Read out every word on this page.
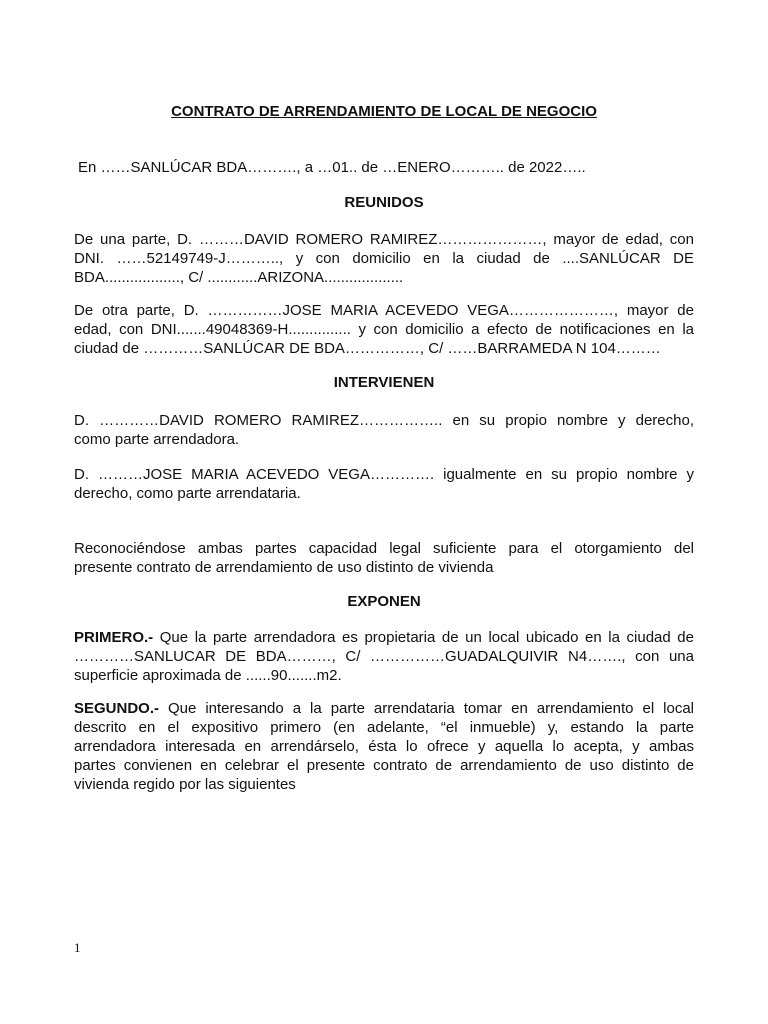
CONTRATO DE ARRENDAMIENTO DE LOCAL DE NEGOCIO

En ……SANLÚCAR BDA………., a …01.. de …ENERO……….. de 2022…..

REUNIDOS

De una parte, D. ………DAVID ROMERO RAMIREZ…………………, mayor de edad, con
DNI. ……52149749-J……….., y con domicilio en la ciudad de ....SANLÚCAR DE
BDA.................., C/ ............ARIZONA...................

De otra parte, D. ……………JOSE MARIA ACEVEDO VEGA…………………, mayor de
edad, con DNI.......49048369-H............... y con domicilio a efecto de notificaciones en la
ciudad de …………SANLÚCAR DE BDA……………, C/ ……BARRAMEDA N 104………

INTERVIENEN

D. …………DAVID ROMERO RAMIREZ…………….. en su propio nombre y derecho,
como parte arrendadora.

D. ………JOSE MARIA ACEVEDO VEGA…………. igualmente en su propio nombre y
derecho, como parte arrendataria.

Reconociéndose ambas partes capacidad legal suficiente para el otorgamiento del
presente contrato de arrendamiento de uso distinto de vivienda

EXPONEN

PRIMERO.- Que la parte arrendadora es propietaria de un local ubicado en la ciudad de
…………SANLUCAR DE BDA………, C/ ……………GUADALQUIVIR N4……., con una
superficie aproximada de ......90.......m2.

SEGUNDO.- Que interesando a la parte arrendataria tomar en arrendamiento el local
descrito en el expositivo primero (en adelante, “el inmueble) y, estando la parte
arrendadora interesada en arrendárselo, ésta lo ofrece y aquella lo acepta, y ambas
partes convienen en celebrar el presente contrato de arrendamiento de uso distinto de
vivienda regido por las siguientes

1
